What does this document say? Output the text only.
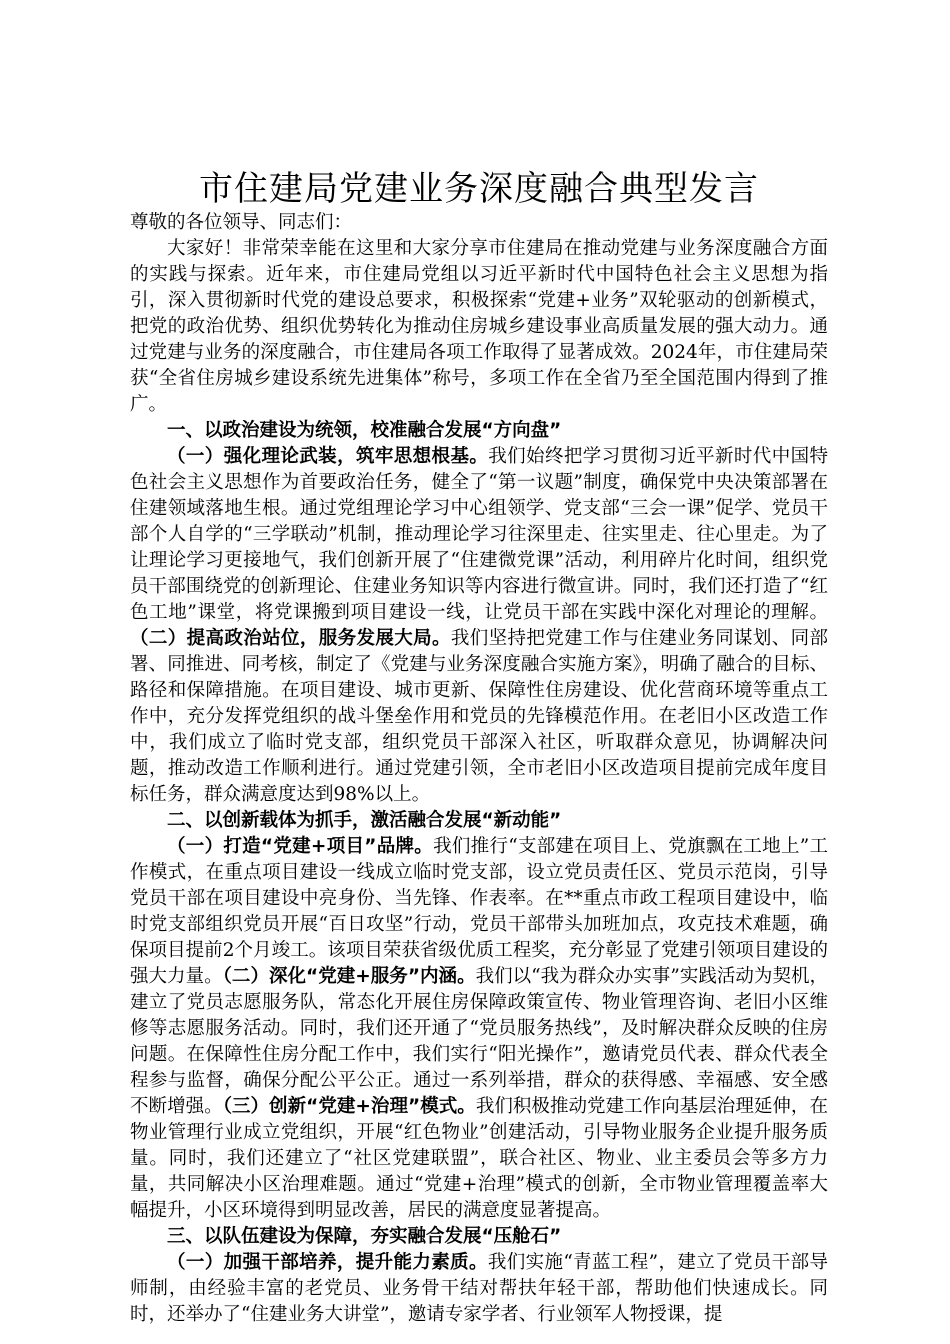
市住建局党建业务深度融合典型发言
尊敬的各位领导、同志们：

大家好！非常荣幸能在这里和大家分享市住建局在推动党建与业务深度融合方面的实践与探索。近年来，市住建局党组以习近平新时代中国特色社会主义思想为指引，深入贯彻新时代党的建设总要求，积极探索“党建+业务”双轮驱动的创新模式，把党的政治优势、组织优势转化为推动住房城乡建设事业高质量发展的强大动力。通过党建与业务的深度融合，市住建局各项工作取得了显著成效。2024年，市住建局荣获“全省住房城乡建设系统先进集体”称号，多项工作在全省乃至全国范围内得到了推广。

一、以政治建设为统领，校准融合发展“方向盘”

（一）强化理论武装，筑牢思想根基。我们始终把学习贯彻习近平新时代中国特色社会主义思想作为首要政治任务，健全了“第一议题”制度，确保党中央决策部署在住建领域落地生根。通过党组理论学习中心组领学、党支部“三会一课”促学、党员干部个人自学的“三学联动”机制，推动理论学习往深里走、往实里走、往心里走。为了让理论学习更接地气，我们创新开展了“住建微党课”活动，利用碎片化时间，组织党员干部围绕党的创新理论、住建业务知识等内容进行微宣讲。同时，我们还打造了“红色工地”课堂，将党课搬到项目建设一线，让党员干部在实践中深化对理论的理解。（二）提高政治站位，服务发展大局。我们坚持把党建工作与住建业务同谋划、同部署、同推进、同考核，制定了《党建与业务深度融合实施方案》，明确了融合的目标、路径和保障措施。在项目建设、城市更新、保障性住房建设、优化营商环境等重点工作中，充分发挥党组织的战斗堡垒作用和党员的先锋模范作用。在老旧小区改造工作中，我们成立了临时党支部，组织党员干部深入社区，听取群众意见，协调解决问题，推动改造工作顺利进行。通过党建引领，全市老旧小区改造项目提前完成年度目标任务，群众满意度达到98%以上。

二、以创新载体为抓手，激活融合发展“新动能”

（一）打造“党建+项目”品牌。我们推行“支部建在项目上、党旗飘在工地上”工作模式，在重点项目建设一线成立临时党支部，设立党员责任区、党员示范岗，引导党员干部在项目建设中亮身份、当先锋、作表率。在**重点市政工程项目建设中，临时党支部组织党员开展“百日攻坚”行动，党员干部带头加班加点，攻克技术难题，确保项目提前2个月竣工。该项目荣获省级优质工程奖，充分彰显了党建引领项目建设的强大力量。（二）深化“党建+服务”内涵。我们以“我为群众办实事”实践活动为契机，建立了党员志愿服务队，常态化开展住房保障政策宣传、物业管理咨询、老旧小区维修等志愿服务活动。同时，我们还开通了“党员服务热线”，及时解决群众反映的住房问题。在保障性住房分配工作中，我们实行“阳光操作”，邀请党员代表、群众代表全程参与监督，确保分配公平公正。通过一系列举措，群众的获得感、幸福感、安全感不断增强。（三）创新“党建+治理”模式。我们积极推动党建工作向基层治理延伸，在物业管理行业成立党组织，开展“红色物业”创建活动，引导物业服务企业提升服务质量。同时，我们还建立了“社区党建联盟”，联合社区、物业、业主委员会等多方力量，共同解决小区治理难题。通过“党建+治理”模式的创新，全市物业管理覆盖率大幅提升，小区环境得到明显改善，居民的满意度显著提高。

三、以队伍建设为保障，夯实融合发展“压舱石”

（一）加强干部培养，提升能力素质。我们实施“青蓝工程”，建立了党员干部导师制，由经验丰富的老党员、业务骨干结对帮扶年轻干部，帮助他们快速成长。同时，还举办了“住建业务大讲堂”，邀请专家学者、行业领军人物授课，提
